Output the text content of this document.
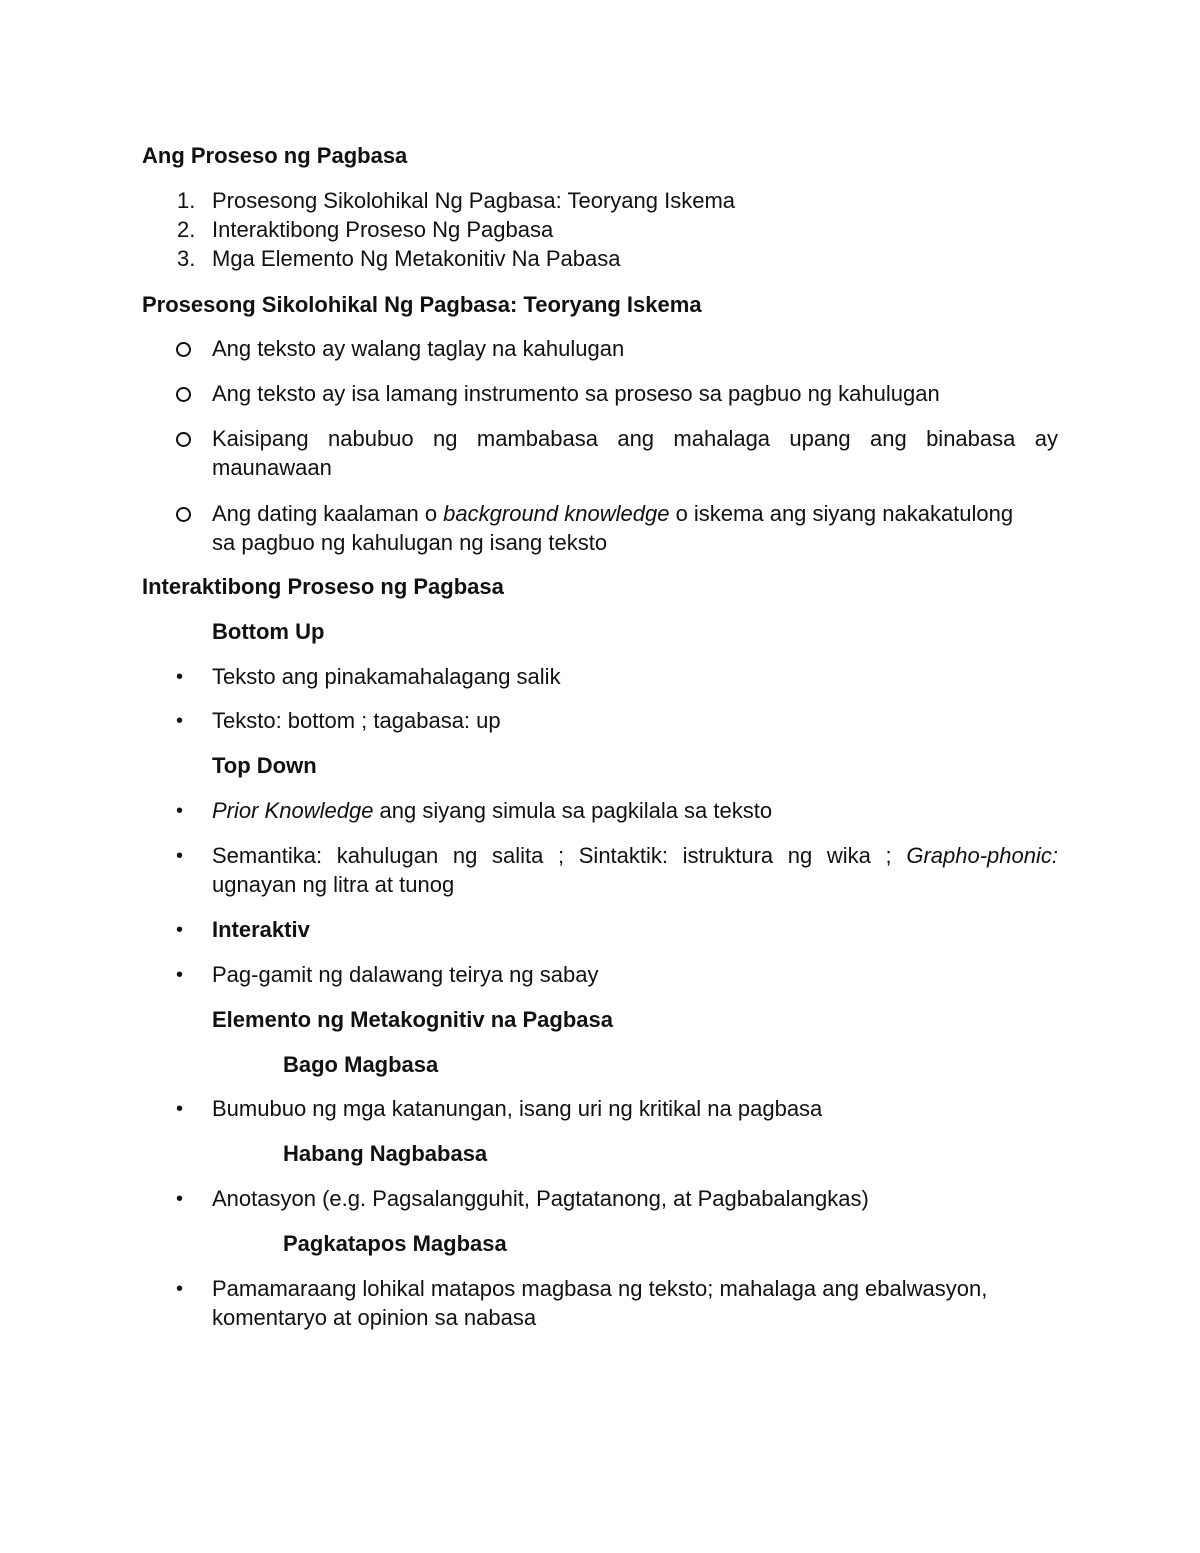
Ang Proseso ng Pagbasa
1. Prosesong Sikolohikal Ng Pagbasa: Teoryang Iskema
2. Interaktibong Proseso Ng Pagbasa
3. Mga Elemento Ng Metakonitiv Na Pabasa
Prosesong Sikolohikal Ng Pagbasa: Teoryang Iskema
Ang teksto ay walang taglay na kahulugan
Ang teksto ay isa lamang instrumento sa proseso sa pagbuo ng kahulugan
Kaisipang nabubuo ng mambabasa ang mahalaga upang ang binabasa ay
maunawaan
Ang dating kaalaman o background knowledge o iskema ang siyang nakakatulong
sa pagbuo ng kahulugan ng isang teksto
Interaktibong Proseso ng Pagbasa
Bottom Up
• Teksto ang pinakamahalagang salik
• Teksto: bottom ; tagabasa: up
Top Down
• Prior Knowledge ang siyang simula sa pagkilala sa teksto
• Semantika: kahulugan ng salita ; Sintaktik: istruktura ng wika ; Grapho-phonic:
ugnayan ng litra at tunog
• Interaktiv
• Pag-gamit ng dalawang teirya ng sabay
Elemento ng Metakognitiv na Pagbasa
Bago Magbasa
• Bumubuo ng mga katanungan, isang uri ng kritikal na pagbasa
Habang Nagbabasa
• Anotasyon (e.g. Pagsalangguhit, Pagtatanong, at Pagbabalangkas)
Pagkatapos Magbasa
• Pamamaraang lohikal matapos magbasa ng teksto; mahalaga ang ebalwasyon,
komentaryo at opinion sa nabasa
